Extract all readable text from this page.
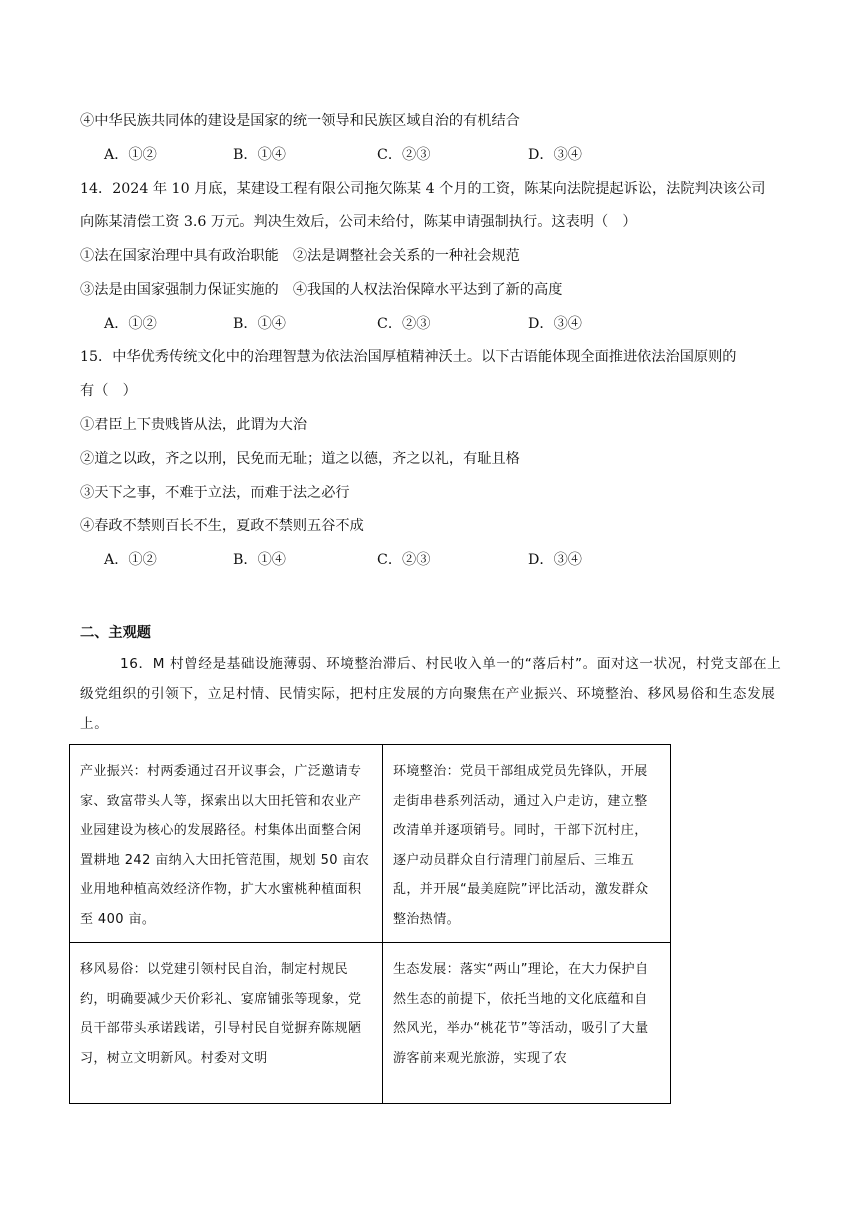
④中华民族共同体的建设是国家的统一领导和民族区域自治的有机结合
A．①②	B．①④	C．②③	D．③④
14．2024 年 10 月底，某建设工程有限公司拖欠陈某 4 个月的工资，陈某向法院提起诉讼，法院判决该公司
向陈某清偿工资 3.6 万元。判决生效后，公司未给付，陈某申请强制执行。这表明（　）
①法在国家治理中具有政治职能　②法是调整社会关系的一种社会规范
③法是由国家强制力保证实施的　④我国的人权法治保障水平达到了新的高度
A．①②	B．①④	C．②③	D．③④
15．中华优秀传统文化中的治理智慧为依法治国厚植精神沃土。以下古语能体现全面推进依法治国原则的
有（　）
①君臣上下贵贱皆从法，此谓为大治
②道之以政，齐之以刑，民免而无耻；道之以德，齐之以礼，有耻且格
③天下之事，不难于立法，而难于法之必行
④春政不禁则百长不生，夏政不禁则五谷不成
A．①②	B．①④	C．②③	D．③④
二、主观题
16．M 村曾经是基础设施薄弱、环境整治滞后、村民收入单一的“落后村”。面对这一状况，村党支部在上级党组织的引领下，立足村情、民情实际，把村庄发展的方向聚焦在产业振兴、环境整治、移风易俗和生态发展上。
产业振兴：村两委通过召开议事会，广泛邀请专家、致富带头人等，探索出以大田托管和农业产业园建设为核心的发展路径。村集体出面整合闲置耕地 242 亩纳入大田托管范围，规划 50 亩农业用地种植高效经济作物，扩大水蜜桃种植面积至 400 亩。	环境整治：党员干部组成党员先锋队，开展走街串巷系列活动，通过入户走访，建立整改清单并逐项销号。同时，干部下沉村庄，逐户动员群众自行清理门前屋后、三堆五乱，并开展“最美庭院”评比活动，激发群众整治热情。
移风易俗：以党建引领村民自治，制定村规民约，明确要减少天价彩礼、宴席铺张等现象，党员干部带头承诺践诺，引导村民自觉摒弃陈规陋习，树立文明新风。村委对文明	生态发展：落实“两山”理论，在大力保护自然生态的前提下，依托当地的文化底蕴和自然风光，举办“桃花节”等活动，吸引了大量游客前来观光旅游，实现了农
